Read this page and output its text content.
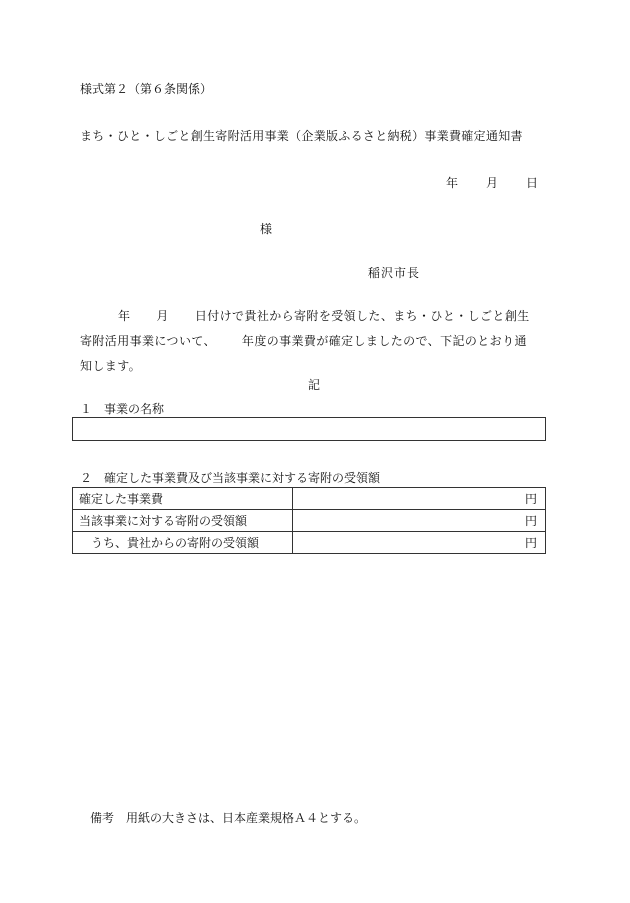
様式第２（第６条関係）
まち・ひと・しごと創生寄附活用事業（企業版ふるさと納税）事業費確定通知書
年 月 日
様
稲沢市長
年 月 日付けで貴社から寄附を受領した、まち・ひと・しごと創生
寄附活用事業について、 年度の事業費が確定しましたので、下記のとおり通
知します。
記
１　事業の名称
２　確定した事業費及び当該事業に対する寄附の受領額
確定した事業費	円
当該事業に対する寄附の受領額	円
　うち、貴社からの寄附の受領額	円
備考　用紙の大きさは、日本産業規格Ａ４とする。
